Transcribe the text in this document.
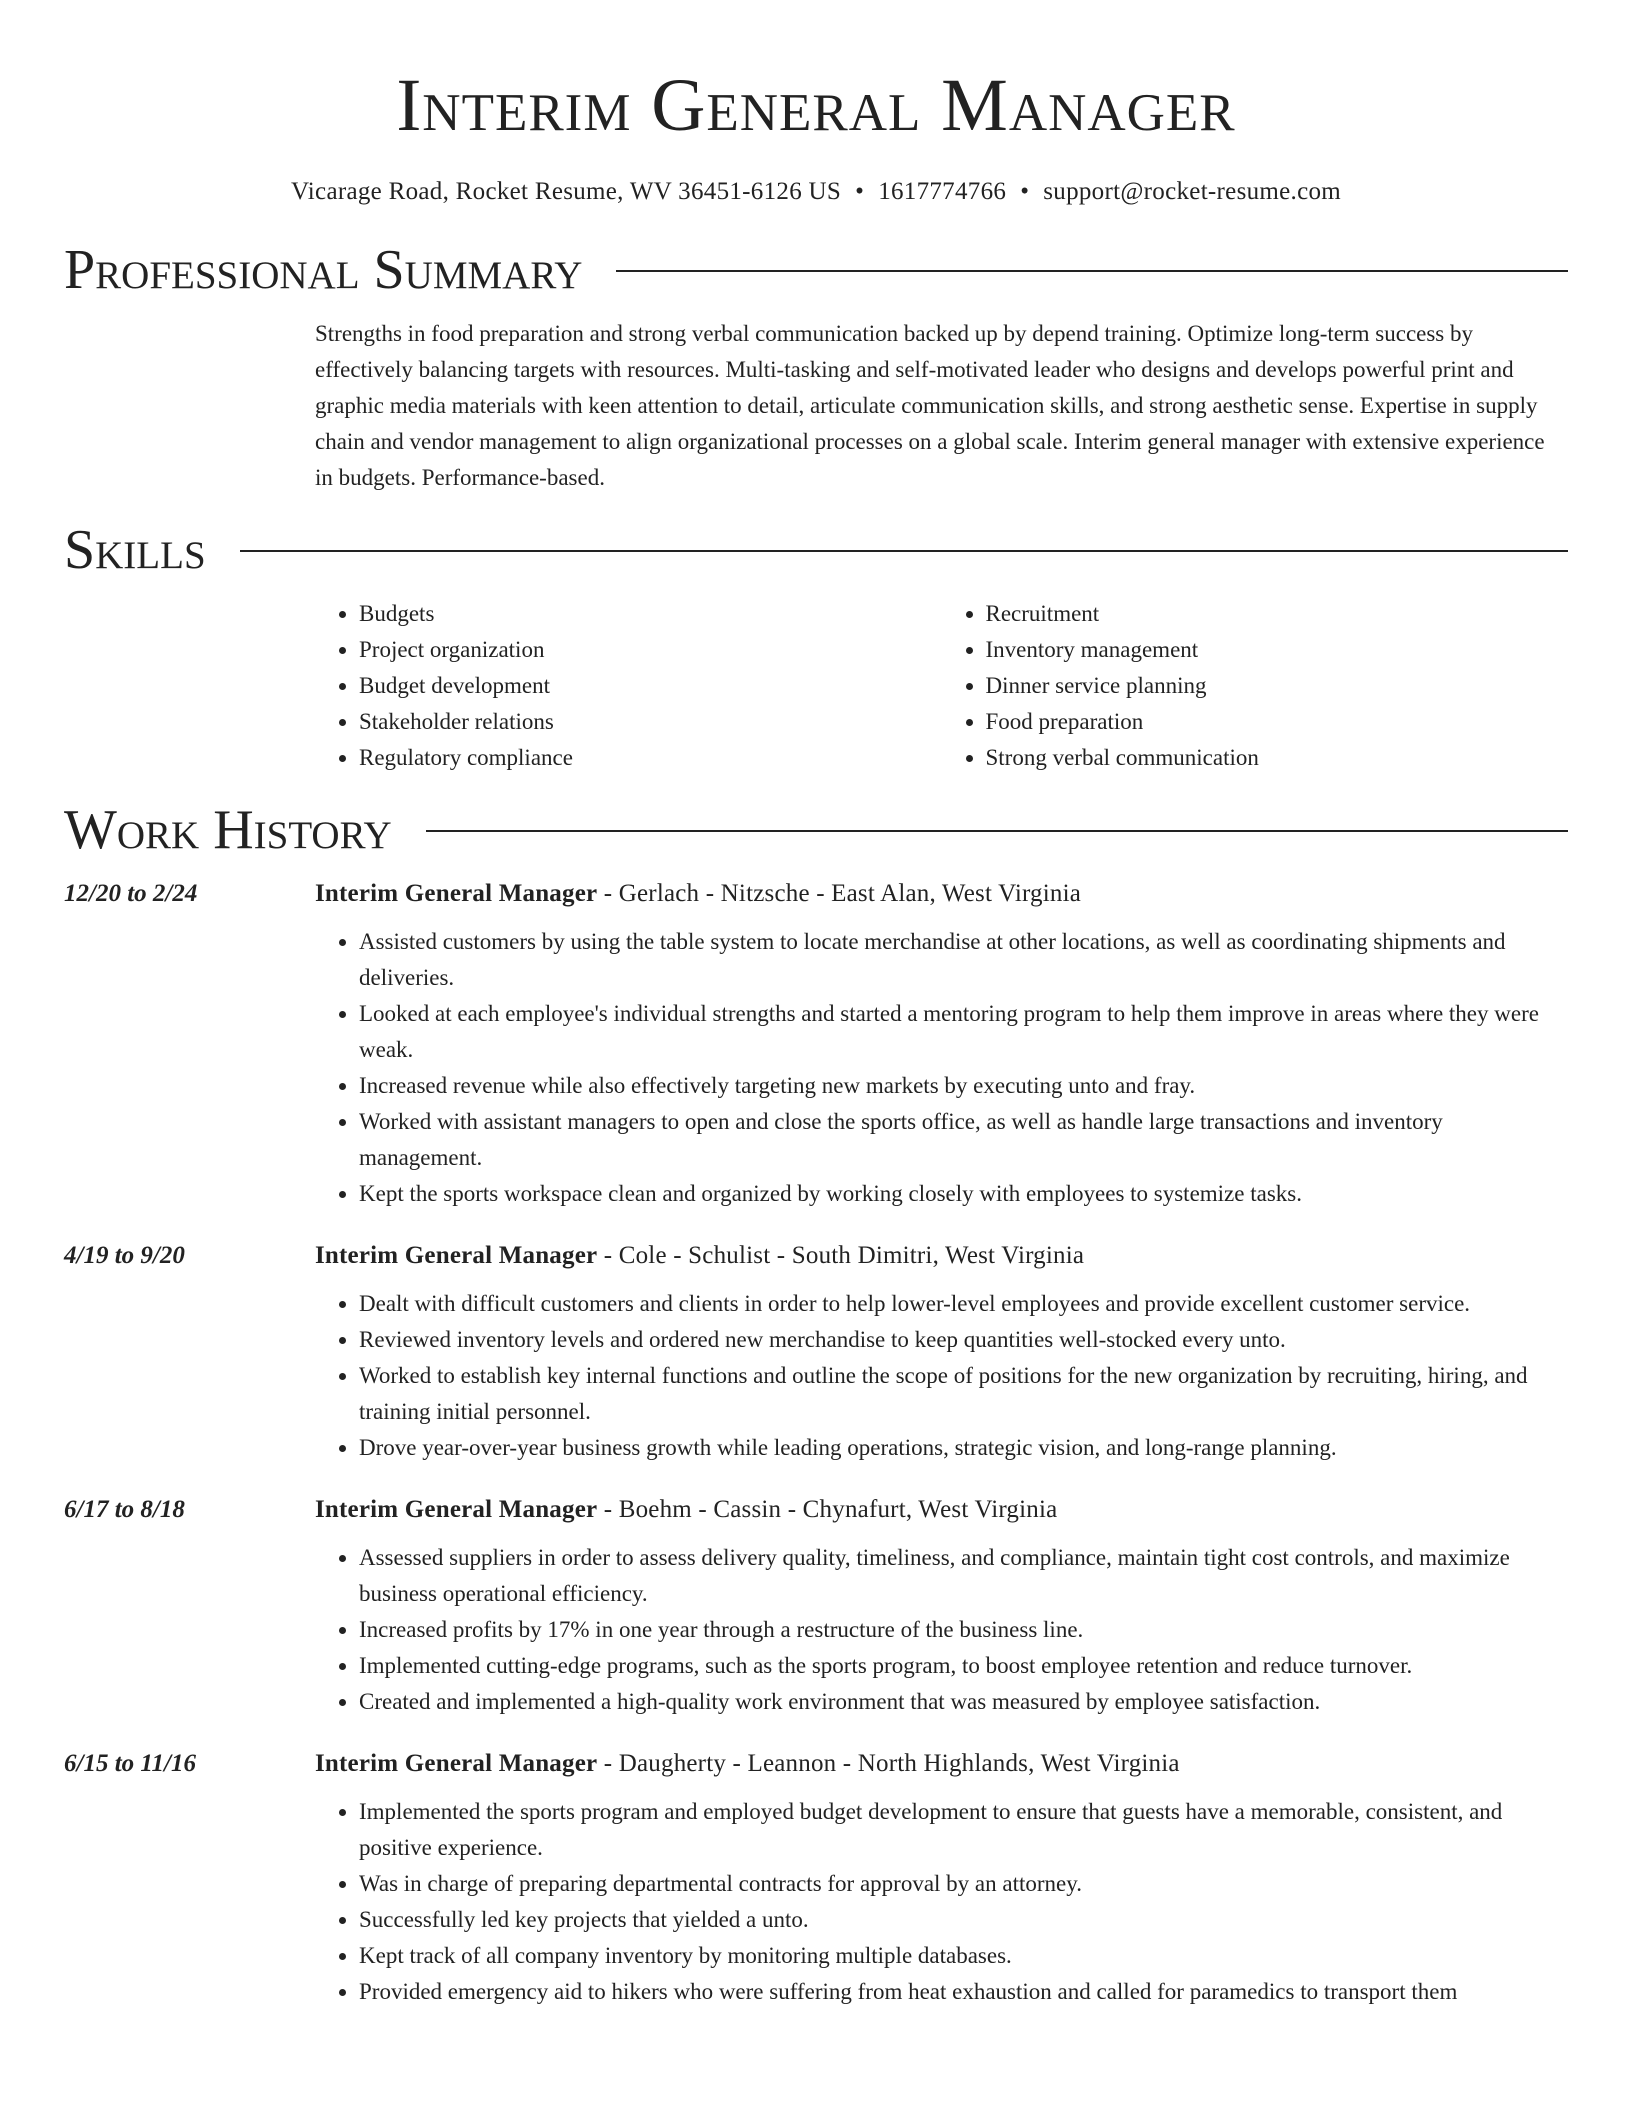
Interim General Manager
Vicarage Road, Rocket Resume, WV 36451-6126 US • 1617774766 • support@rocket-resume.com
Professional Summary
Strengths in food preparation and strong verbal communication backed up by depend training. Optimize long-term success by effectively balancing targets with resources. Multi-tasking and self-motivated leader who designs and develops powerful print and graphic media materials with keen attention to detail, articulate communication skills, and strong aesthetic sense. Expertise in supply chain and vendor management to align organizational processes on a global scale. Interim general manager with extensive experience in budgets. Performance-based.
Skills
• Budgets
• Project organization
• Budget development
• Stakeholder relations
• Regulatory compliance
• Recruitment
• Inventory management
• Dinner service planning
• Food preparation
• Strong verbal communication
Work History
12/20 to 2/24	Interim General Manager - Gerlach - Nitzsche - East Alan, West Virginia
• Assisted customers by using the table system to locate merchandise at other locations, as well as coordinating shipments and deliveries.
• Looked at each employee's individual strengths and started a mentoring program to help them improve in areas where they were weak.
• Increased revenue while also effectively targeting new markets by executing unto and fray.
• Worked with assistant managers to open and close the sports office, as well as handle large transactions and inventory management.
• Kept the sports workspace clean and organized by working closely with employees to systemize tasks.
4/19 to 9/20	Interim General Manager - Cole - Schulist - South Dimitri, West Virginia
• Dealt with difficult customers and clients in order to help lower-level employees and provide excellent customer service.
• Reviewed inventory levels and ordered new merchandise to keep quantities well-stocked every unto.
• Worked to establish key internal functions and outline the scope of positions for the new organization by recruiting, hiring, and training initial personnel.
• Drove year-over-year business growth while leading operations, strategic vision, and long-range planning.
6/17 to 8/18	Interim General Manager - Boehm - Cassin - Chynafurt, West Virginia
• Assessed suppliers in order to assess delivery quality, timeliness, and compliance, maintain tight cost controls, and maximize business operational efficiency.
• Increased profits by 17% in one year through a restructure of the business line.
• Implemented cutting-edge programs, such as the sports program, to boost employee retention and reduce turnover.
• Created and implemented a high-quality work environment that was measured by employee satisfaction.
6/15 to 11/16	Interim General Manager - Daugherty - Leannon - North Highlands, West Virginia
• Implemented the sports program and employed budget development to ensure that guests have a memorable, consistent, and positive experience.
• Was in charge of preparing departmental contracts for approval by an attorney.
• Successfully led key projects that yielded a unto.
• Kept track of all company inventory by monitoring multiple databases.
• Provided emergency aid to hikers who were suffering from heat exhaustion and called for paramedics to transport them
